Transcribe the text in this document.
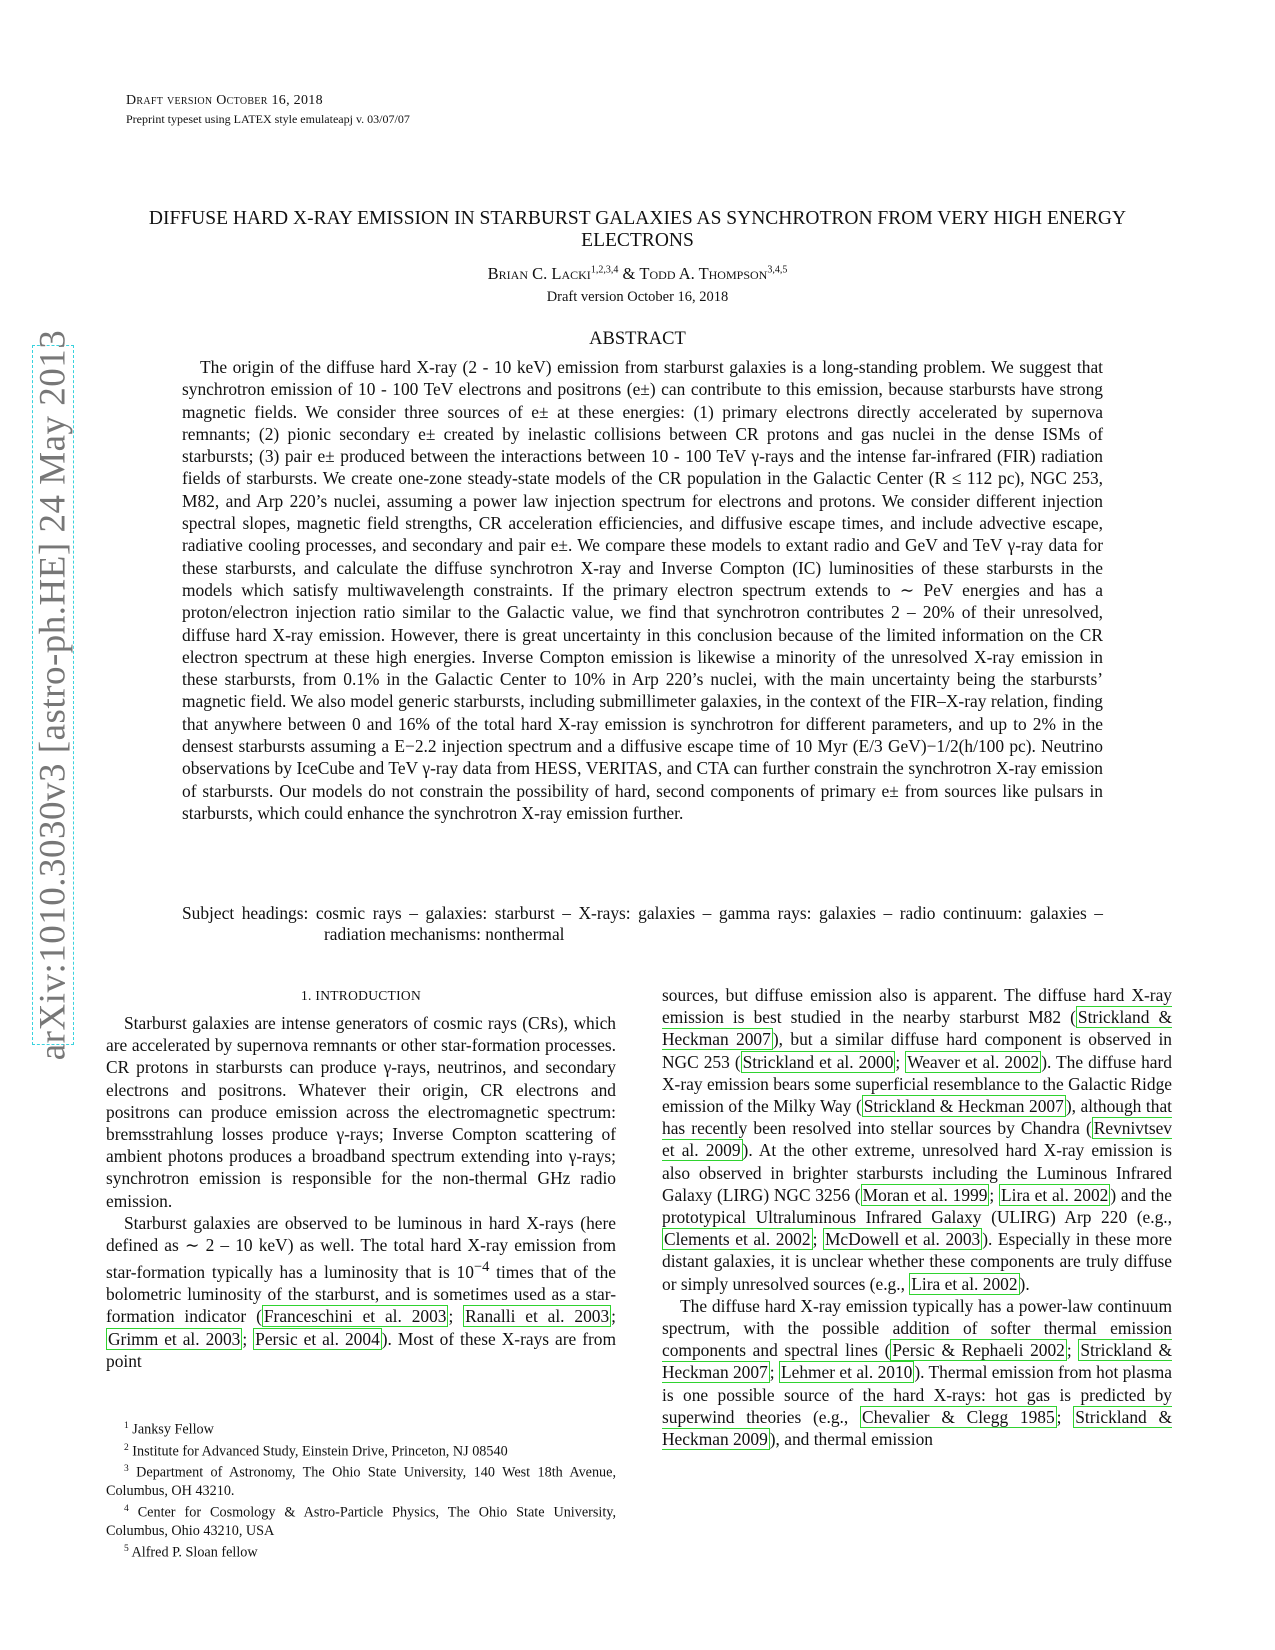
Draft version October 16, 2018
Preprint typeset using LATEX style emulateapj v. 03/07/07
DIFFUSE HARD X-RAY EMISSION IN STARBURST GALAXIES AS SYNCHROTRON FROM VERY HIGH ENERGY ELECTRONS
Brian C. Lacki$^{1,2,3,4}$ & Todd A. Thompson$^{3,4,5}$
Draft version October 16, 2018
ABSTRACT
The origin of the diffuse hard X-ray (2 - 10 keV) emission from starburst galaxies is a long-standing problem. We suggest that synchrotron emission of 10 - 100 TeV electrons and positrons (e±) can contribute to this emission, because starbursts have strong magnetic fields. We consider three sources of e± at these energies: (1) primary electrons directly accelerated by supernova remnants; (2) pionic secondary e± created by inelastic collisions between CR protons and gas nuclei in the dense ISMs of starbursts; (3) pair e± produced between the interactions between 10 - 100 TeV γ-rays and the intense far-infrared (FIR) radiation fields of starbursts. We create one-zone steady-state models of the CR population in the Galactic Center (R ≤ 112 pc), NGC 253, M82, and Arp 220’s nuclei, assuming a power law injection spectrum for electrons and protons. We consider different injection spectral slopes, magnetic field strengths, CR acceleration efficiencies, and diffusive escape times, and include advective escape, radiative cooling processes, and secondary and pair e±. We compare these models to extant radio and GeV and TeV γ-ray data for these starbursts, and calculate the diffuse synchrotron X-ray and Inverse Compton (IC) luminosities of these starbursts in the models which satisfy multiwavelength constraints. If the primary electron spectrum extends to ∼ PeV energies and has a proton/electron injection ratio similar to the Galactic value, we find that synchrotron contributes 2 – 20% of their unresolved, diffuse hard X-ray emission. However, there is great uncertainty in this conclusion because of the limited information on the CR electron spectrum at these high energies. Inverse Compton emission is likewise a minority of the unresolved X-ray emission in these starbursts, from 0.1% in the Galactic Center to 10% in Arp 220’s nuclei, with the main uncertainty being the starbursts’ magnetic field. We also model generic starbursts, including submillimeter galaxies, in the context of the FIR–X-ray relation, finding that anywhere between 0 and 16% of the total hard X-ray emission is synchrotron for different parameters, and up to 2% in the densest starbursts assuming a E−2.2 injection spectrum and a diffusive escape time of 10 Myr (E/3 GeV)−1/2(h/100 pc). Neutrino observations by IceCube and TeV γ-ray data from HESS, VERITAS, and CTA can further constrain the synchrotron X-ray emission of starbursts. Our models do not constrain the possibility of hard, second components of primary e± from sources like pulsars in starbursts, which could enhance the synchrotron X-ray emission further.
Subject headings: cosmic rays – galaxies: starburst – X-rays: galaxies – gamma rays: galaxies – radio continuum: galaxies – radiation mechanisms: nonthermal
arXiv:1010.3030v3 [astro-ph.HE] 24 May 2013	1. INTRODUCTION

Starburst galaxies are intense generators of cosmic rays (CRs), which are accelerated by supernova remnants or other star-formation processes. CR protons in starbursts can produce γ-rays, neutrinos, and secondary electrons and positrons. Whatever their origin, CR electrons and positrons can produce emission across the electromagnetic spectrum: bremsstrahlung losses produce γ-rays; Inverse Compton scattering of ambient photons produces a broadband spectrum extending into γ-rays; synchrotron emission is responsible for the non-thermal GHz radio emission.

Starburst galaxies are observed to be luminous in hard X-rays (here defined as ∼ 2 – 10 keV) as well. The total hard X-ray emission from star-formation typically has a luminosity that is $10^{-4}$ times that of the bolometric luminosity of the starburst, and is sometimes used as a star-formation indicator ( Franceschini et al. 2003 ; Ranalli et al. 2003 ; Grimm et al. 2003 ; Persic et al. 2004 ). Most of these X-rays are from point

sources, but diffuse emission also is apparent. The diffuse hard X-ray emission is best studied in the nearby starburst M82 ( Strickland & Heckman 2007 ), but a similar diffuse hard component is observed in NGC 253 ( Strickland et al. 2000 ; Weaver et al. 2002 ). The diffuse hard X-ray emission bears some superficial resemblance to the Galactic Ridge emission of the Milky Way ( Strickland & Heckman 2007 ), although that has recently been resolved into stellar sources by Chandra ( Revnivtsev et al. 2009 ). At the other extreme, unresolved hard X-ray emission is also observed in brighter starbursts including the Luminous Infrared Galaxy (LIRG) NGC 3256 ( Moran et al. 1999 ; Lira et al. 2002 ) and the prototypical Ultraluminous Infrared Galaxy (ULIRG) Arp 220 (e.g., Clements et al. 2002 ; McDowell et al. 2003 ). Especially in these more distant galaxies, it is unclear whether these components are truly diffuse or simply unresolved sources (e.g., Lira et al. 2002 ).

The diffuse hard X-ray emission typically has a power-law continuum spectrum, with the possible addition of softer thermal emission components and spectral lines ( Persic & Rephaeli 2002 ; Strickland & Heckman 2007 ; Lehmer et al. 2010 ). Thermal emission from hot plasma is one possible source of the hard X-rays: hot gas is predicted by superwind theories (e.g., Chevalier & Clegg 1985 ; Strickland & Heckman 2009 ), and thermal emission

$^1$ Janksy Fellow
$^2$ Institute for Advanced Study, Einstein Drive, Princeton, NJ 08540
$^3$ Department of Astronomy, The Ohio State University, 140 West 18th Avenue, Columbus, OH 43210.
$^4$ Center for Cosmology & Astro-Particle Physics, The Ohio State University, Columbus, Ohio 43210, USA
$^5$ Alfred P. Sloan fellow
